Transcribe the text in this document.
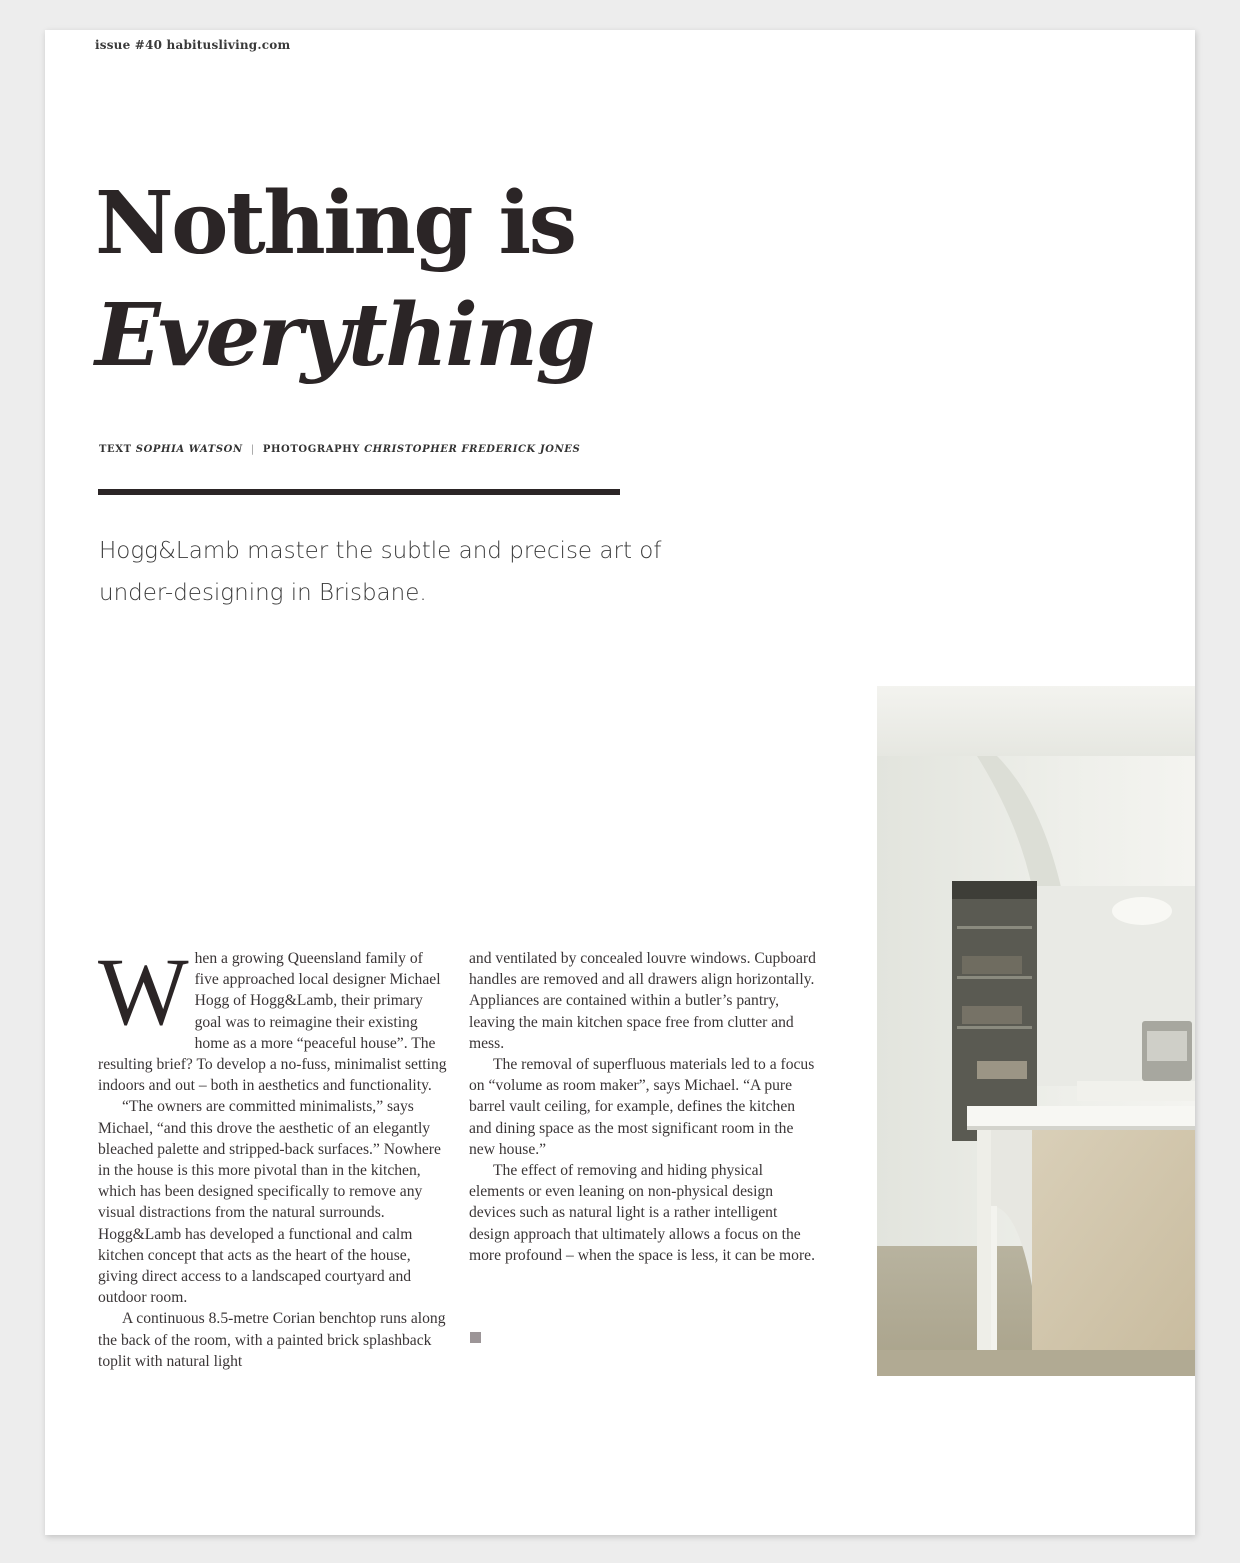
issue #40 habitusliving.com
Nothing is
Everything
TEXT SOPHIA WATSON | PHOTOGRAPHY CHRISTOPHER FREDERICK JONES

Hogg&Lamb master the subtle and precise art of under-designing in Brisbane.

When a growing Queensland family of five approached local designer Michael Hogg of Hogg&Lamb, their primary goal was to reimagine their existing home as a more “peaceful house”. The resulting brief? To develop a no-fuss, minimalist setting indoors and out – both in aesthetics and functionality.

“The owners are committed minimalists,” says Michael, “and this drove the aesthetic of an elegantly bleached palette and stripped-back surfaces.” Nowhere in the house is this more pivotal than in the kitchen, which has been designed specifically to remove any visual distractions from the natural surrounds. Hogg&Lamb has developed a functional and calm kitchen concept that acts as the heart of the house, giving direct access to a landscaped courtyard and outdoor room.

A continuous 8.5-metre Corian benchtop runs along the back of the room, with a painted brick splashback toplit with natural light

and ventilated by concealed louvre windows. Cupboard handles are removed and all drawers align horizontally. Appliances are contained within a butler’s pantry, leaving the main kitchen space free from clutter and mess.

The removal of superfluous materials led to a focus on “volume as room maker”, says Michael. “A pure barrel vault ceiling, for example, defines the kitchen and dining space as the most significant room in the new house.”

The effect of removing and hiding physical elements or even leaning on non-physical design devices such as natural light is a rather intelligent design approach that ultimately allows a focus on the more profound – when the space is less, it can be more.
